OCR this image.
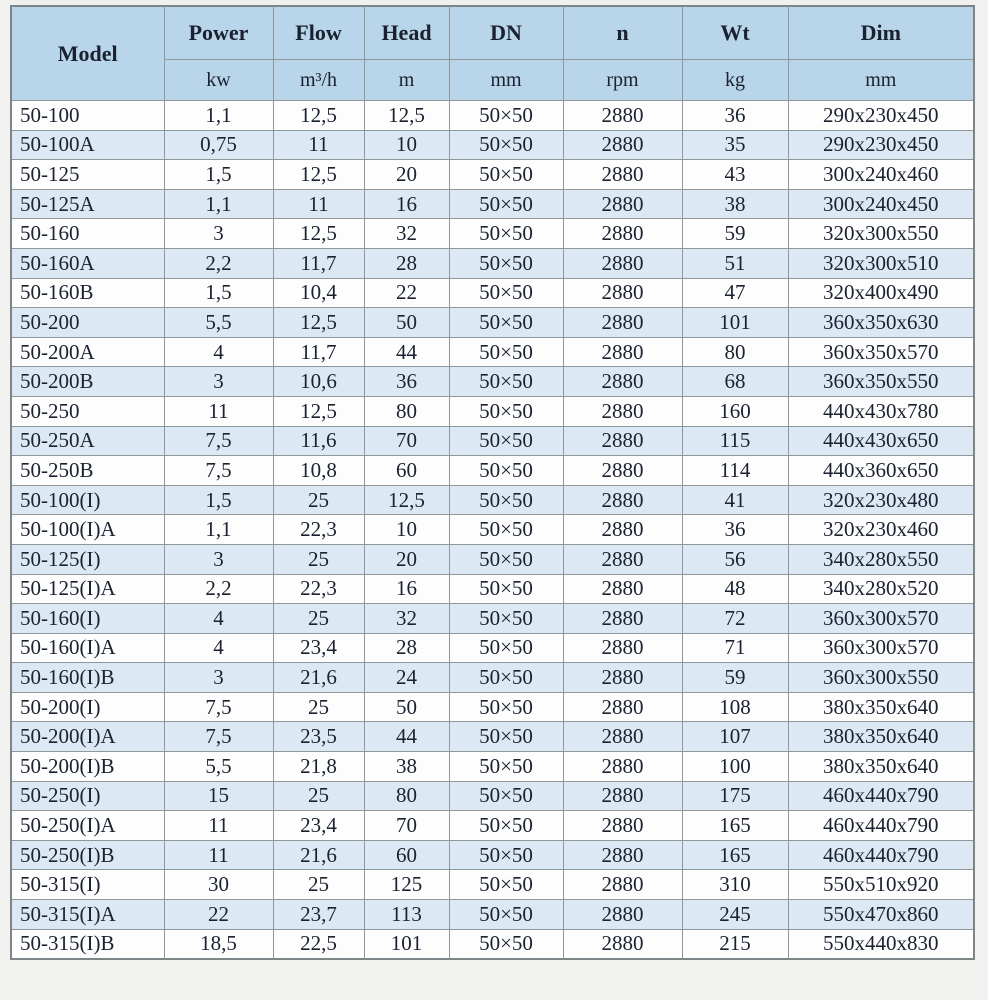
Model	Power	Flow	Head	DN	n	Wt	Dim
	kw	m³/h	m	mm	rpm	kg	mm
50-100	1,1	12,5	12,5	50×50	2880	36	290x230x450
50-100A	0,75	11	10	50×50	2880	35	290x230x450
50-125	1,5	12,5	20	50×50	2880	43	300x240x460
50-125A	1,1	11	16	50×50	2880	38	300x240x450
50-160	3	12,5	32	50×50	2880	59	320x300x550
50-160A	2,2	11,7	28	50×50	2880	51	320x300x510
50-160B	1,5	10,4	22	50×50	2880	47	320x400x490
50-200	5,5	12,5	50	50×50	2880	101	360x350x630
50-200A	4	11,7	44	50×50	2880	80	360x350x570
50-200B	3	10,6	36	50×50	2880	68	360x350x550
50-250	11	12,5	80	50×50	2880	160	440x430x780
50-250A	7,5	11,6	70	50×50	2880	115	440x430x650
50-250B	7,5	10,8	60	50×50	2880	114	440x360x650
50-100(I)	1,5	25	12,5	50×50	2880	41	320x230x480
50-100(I)A	1,1	22,3	10	50×50	2880	36	320x230x460
50-125(I)	3	25	20	50×50	2880	56	340x280x550
50-125(I)A	2,2	22,3	16	50×50	2880	48	340x280x520
50-160(I)	4	25	32	50×50	2880	72	360x300x570
50-160(I)A	4	23,4	28	50×50	2880	71	360x300x570
50-160(I)B	3	21,6	24	50×50	2880	59	360x300x550
50-200(I)	7,5	25	50	50×50	2880	108	380x350x640
50-200(I)A	7,5	23,5	44	50×50	2880	107	380x350x640
50-200(I)B	5,5	21,8	38	50×50	2880	100	380x350x640
50-250(I)	15	25	80	50×50	2880	175	460x440x790
50-250(I)A	11	23,4	70	50×50	2880	165	460x440x790
50-250(I)B	11	21,6	60	50×50	2880	165	460x440x790
50-315(I)	30	25	125	50×50	2880	310	550x510x920
50-315(I)A	22	23,7	113	50×50	2880	245	550x470x860
50-315(I)B	18,5	22,5	101	50×50	2880	215	550x440x830
